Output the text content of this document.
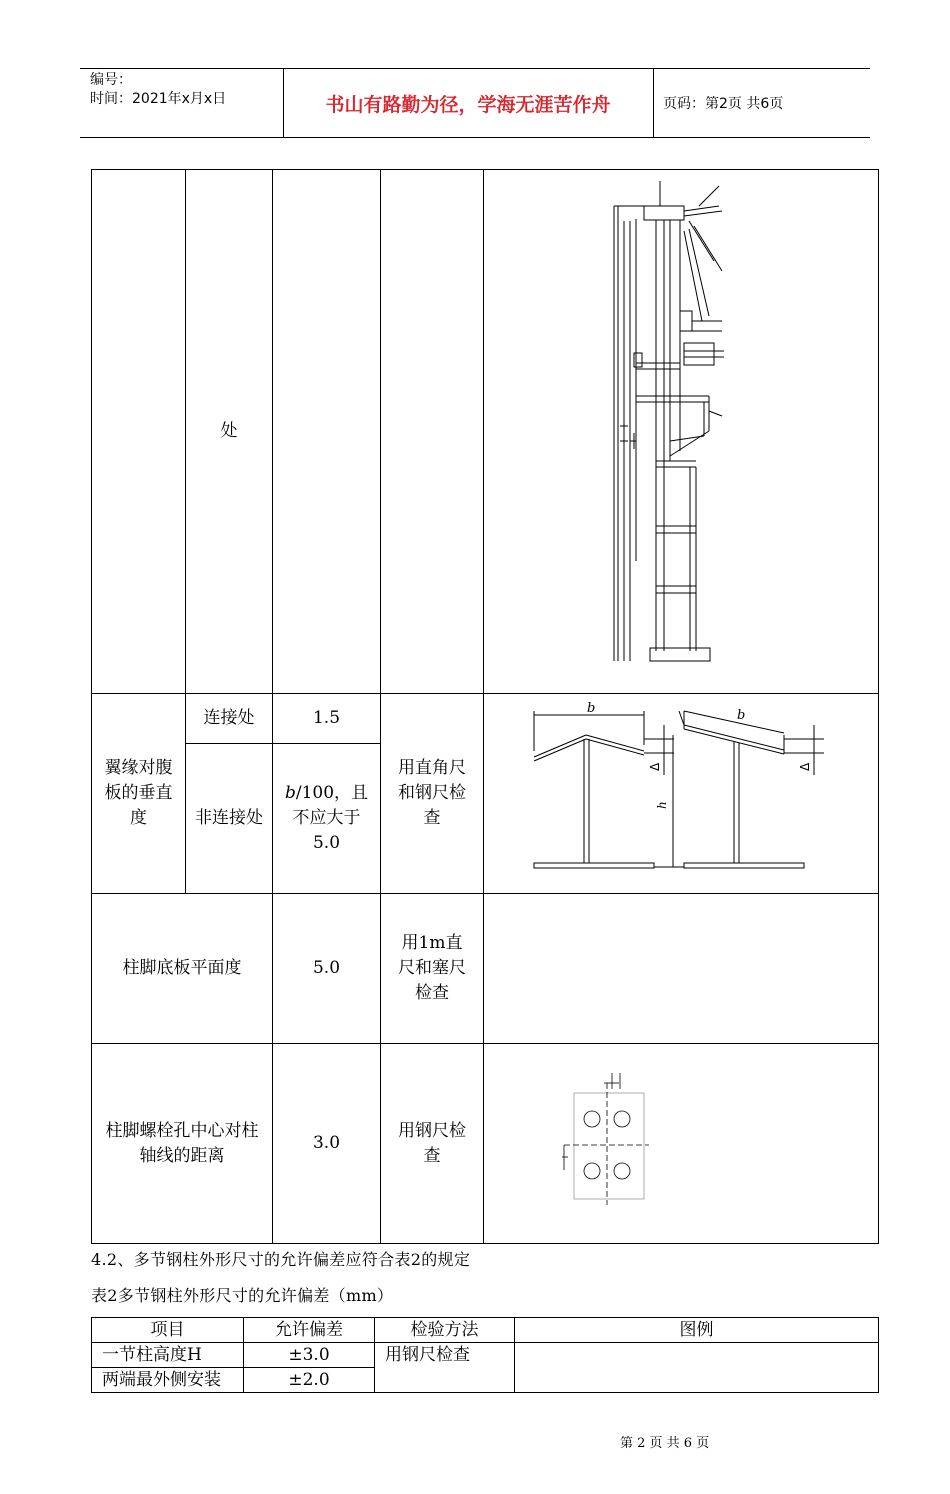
编号：
时间：2021年x月x日	书山有路勤为径，学海无涯苦作舟	页码：第2页 共6页
	处			

翼缘对腹板的垂直度	连接处	1.5	用直角尺和钢尺检查	b b
Δ Δ
h

	非连接处	b/100，且不应大于5.0		
柱脚底板平面度		5.0	用1m直尺和塞尺检查	
柱脚螺栓孔中心对柱轴线的距离		3.0	用钢尺检查	
4.2、多节钢柱外形尺寸的允许偏差应符合表2的规定
表2多节钢柱外形尺寸的允许偏差（mm）
项目	允许偏差	检验方法	图例
一节柱高度H	±3.0	用钢尺检查	
两端最外侧安装	±2.0		
第 2 页 共 6 页
